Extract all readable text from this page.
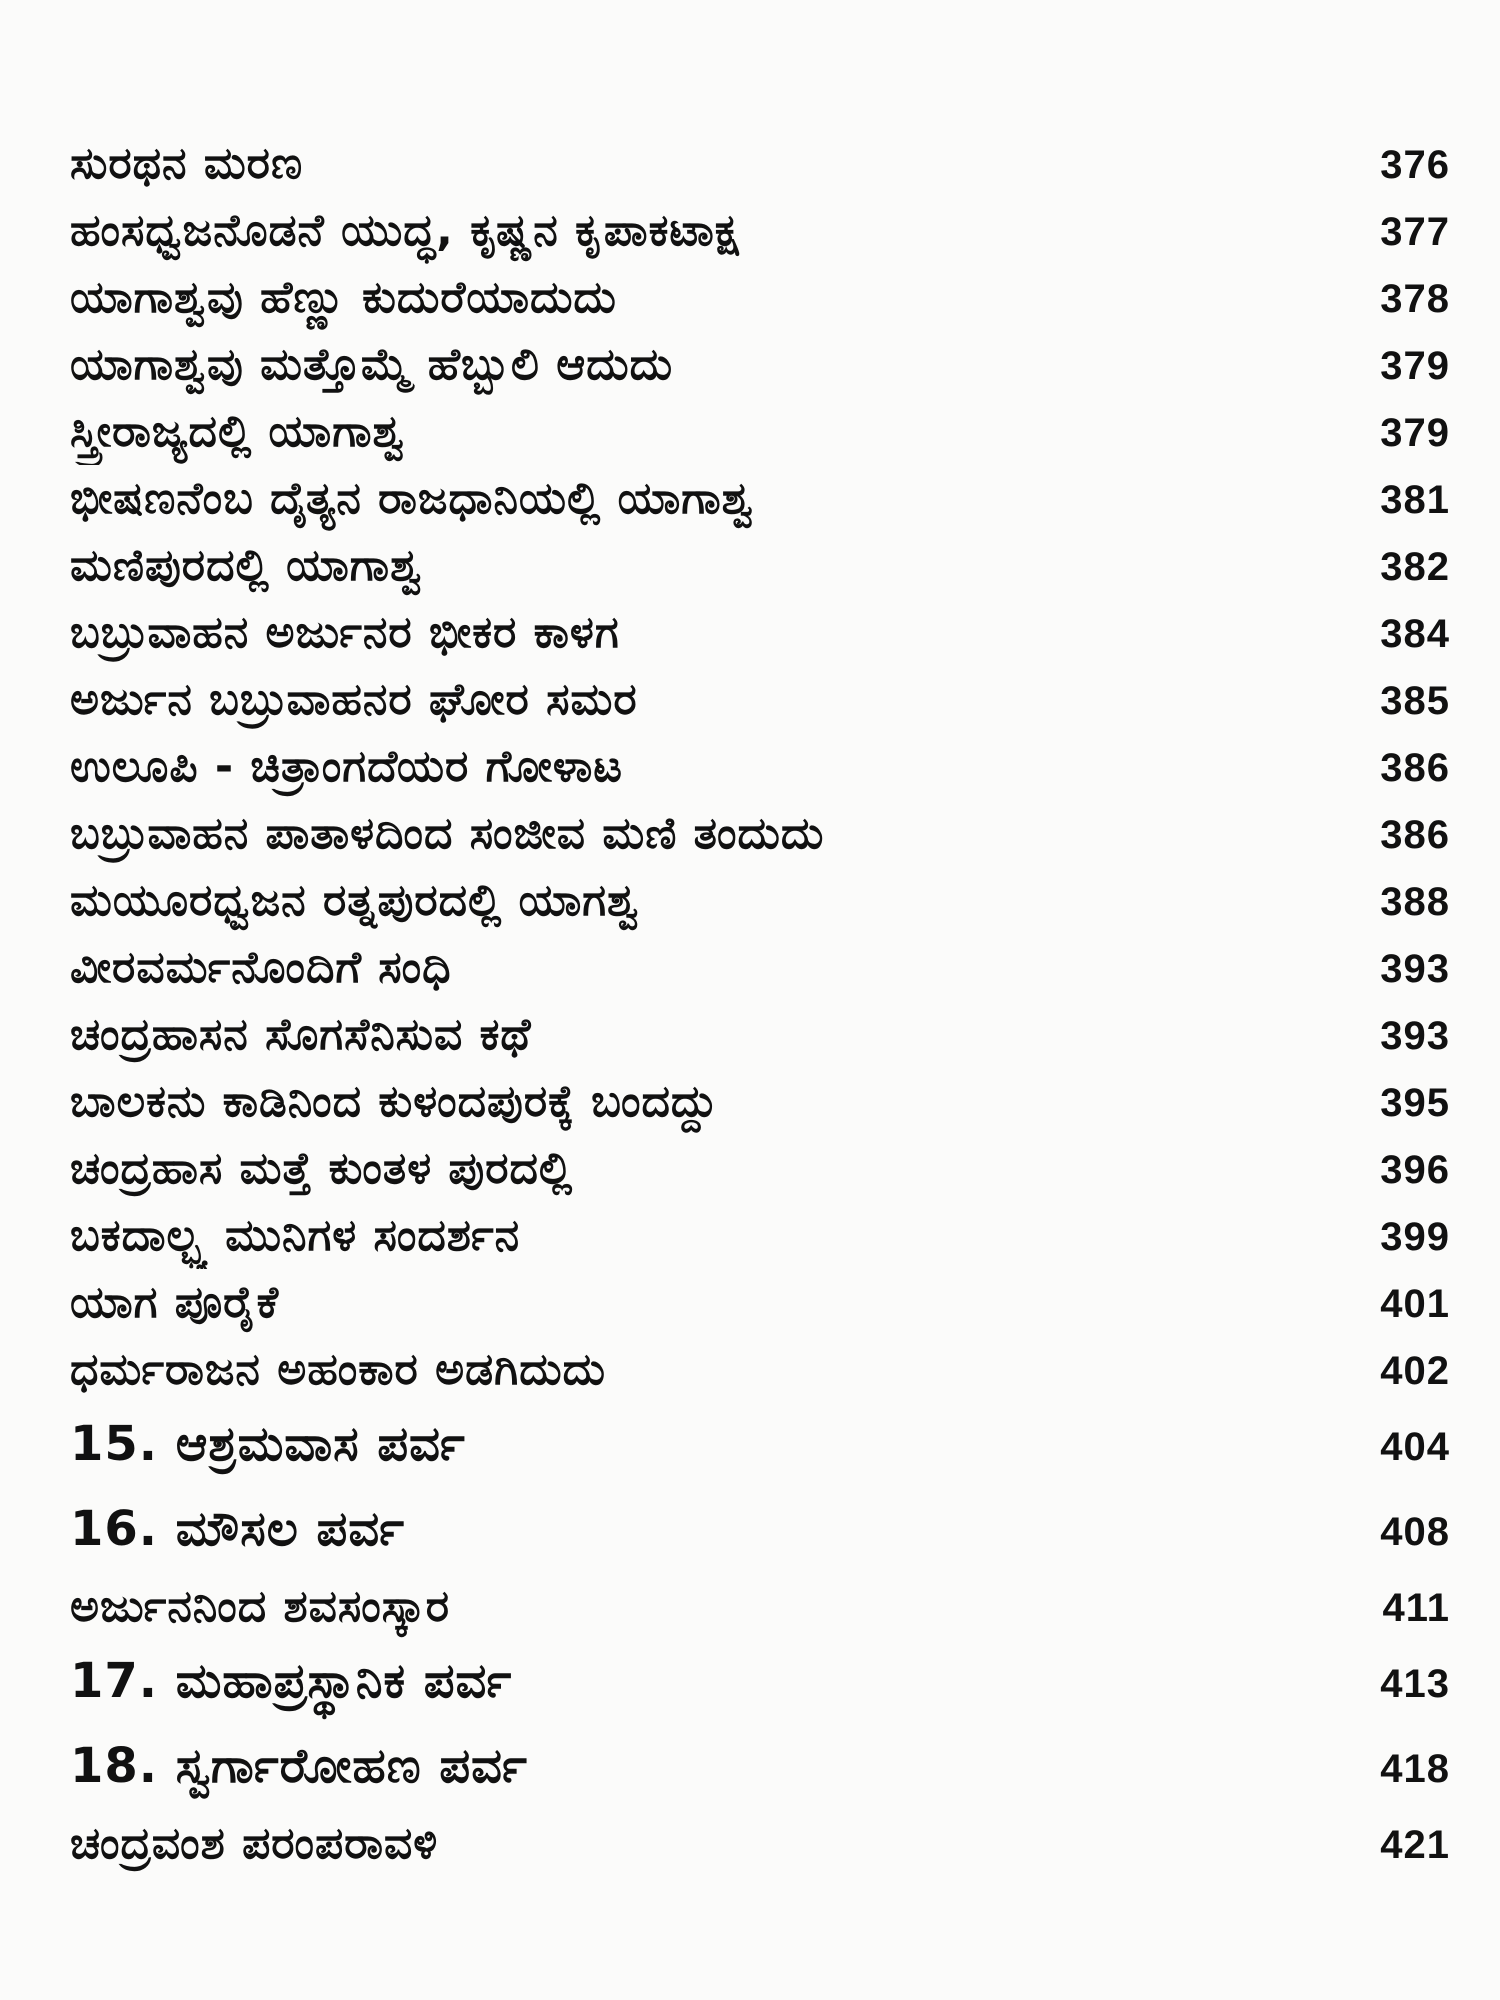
ಸುರಥನ ಮರಣ	376
ಹಂಸಧ್ವಜನೊಡನೆ ಯುದ್ಧ, ಕೃಷ್ಣನ ಕೃಪಾಕಟಾಕ್ಷ	377
ಯಾಗಾಶ್ವವು ಹೆಣ್ಣು ಕುದುರೆಯಾದುದು	378
ಯಾಗಾಶ್ವವು ಮತ್ತೊಮ್ಮೆ ಹೆಬ್ಬುಲಿ ಆದುದು	379
ಸ್ತ್ರೀರಾಜ್ಯದಲ್ಲಿ ಯಾಗಾಶ್ವ	379
ಭೀಷಣನೆಂಬ ದೈತ್ಯನ ರಾಜಧಾನಿಯಲ್ಲಿ ಯಾಗಾಶ್ವ	381
ಮಣಿಪುರದಲ್ಲಿ ಯಾಗಾಶ್ವ	382
ಬಬ್ರುವಾಹನ ಅರ್ಜುನರ ಭೀಕರ ಕಾಳಗ	384
ಅರ್ಜುನ ಬಬ್ರುವಾಹನರ ಘೋರ ಸಮರ	385
ಉಲೂಪಿ - ಚಿತ್ರಾಂಗದೆಯರ ಗೋಳಾಟ	386
ಬಬ್ರುವಾಹನ ಪಾತಾಳದಿಂದ ಸಂಜೀವ ಮಣಿ ತಂದುದು	386
ಮಯೂರಧ್ವಜನ ರತ್ನಪುರದಲ್ಲಿ ಯಾಗಶ್ವ	388
ವೀರವರ್ಮನೊಂದಿಗೆ ಸಂಧಿ	393
ಚಂದ್ರಹಾಸನ ಸೊಗಸೆನಿಸುವ ಕಥೆ	393
ಬಾಲಕನು ಕಾಡಿನಿಂದ ಕುಳಂದಪುರಕ್ಕೆ ಬಂದದ್ದು	395
ಚಂದ್ರಹಾಸ ಮತ್ತೆ ಕುಂತಳ ಪುರದಲ್ಲಿ	396
ಬಕದಾಲ್ಭ್ಯ ಮುನಿಗಳ ಸಂದರ್ಶನ	399
ಯಾಗ ಪೂರೈಕೆ	401
ಧರ್ಮರಾಜನ ಅಹಂಕಾರ ಅಡಗಿದುದು	402
15. ಆಶ್ರಮವಾಸ ಪರ್ವ	404
16. ಮೌಸಲ ಪರ್ವ	408
ಅರ್ಜುನನಿಂದ ಶವಸಂಸ್ಕಾರ	411
17. ಮಹಾಪ್ರಸ್ಥಾನಿಕ ಪರ್ವ	413
18. ಸ್ವರ್ಗಾರೋಹಣ ಪರ್ವ	418
ಚಂದ್ರವಂಶ ಪರಂಪರಾವಳಿ	421
